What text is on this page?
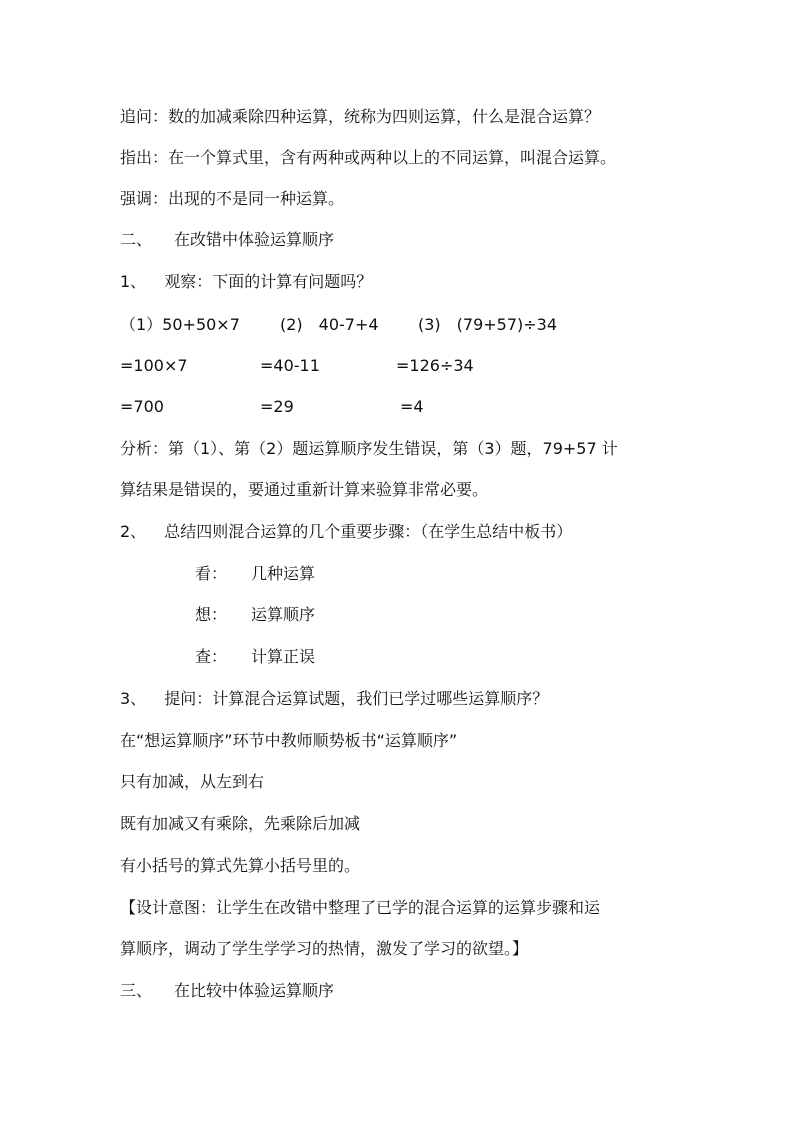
追问：数的加减乘除四种运算，统称为四则运算，什么是混合运算？
指出：在一个算式里，含有两种或两种以上的不同运算，叫混合运算。
强调：出现的不是同一种运算。
二、 在改错中体验运算顺序
1、 观察：下面的计算有问题吗？
（1）50+50×7	(2)　40-7+4 (3)　(79+57)÷34
=100×7	=40-11	=126÷34
=700	=29	=4
分析：第（1）、第（2）题运算顺序发生错误，第（3）题，79+57 计
算结果是错误的，要通过重新计算来验算非常必要。
2、 总结四则混合运算的几个重要步骤：（在学生总结中板书）
看： 几种运算
想： 运算顺序
查： 计算正误
3、 提问：计算混合运算试题，我们已学过哪些运算顺序？
在“想运算顺序”环节中教师顺势板书“运算顺序”
只有加减，从左到右
既有加减又有乘除，先乘除后加减
有小括号的算式先算小括号里的。
【设计意图：让学生在改错中整理了已学的混合运算的运算步骤和运
算顺序，调动了学生学学习的热情，激发了学习的欲望。】
三、 在比较中体验运算顺序
